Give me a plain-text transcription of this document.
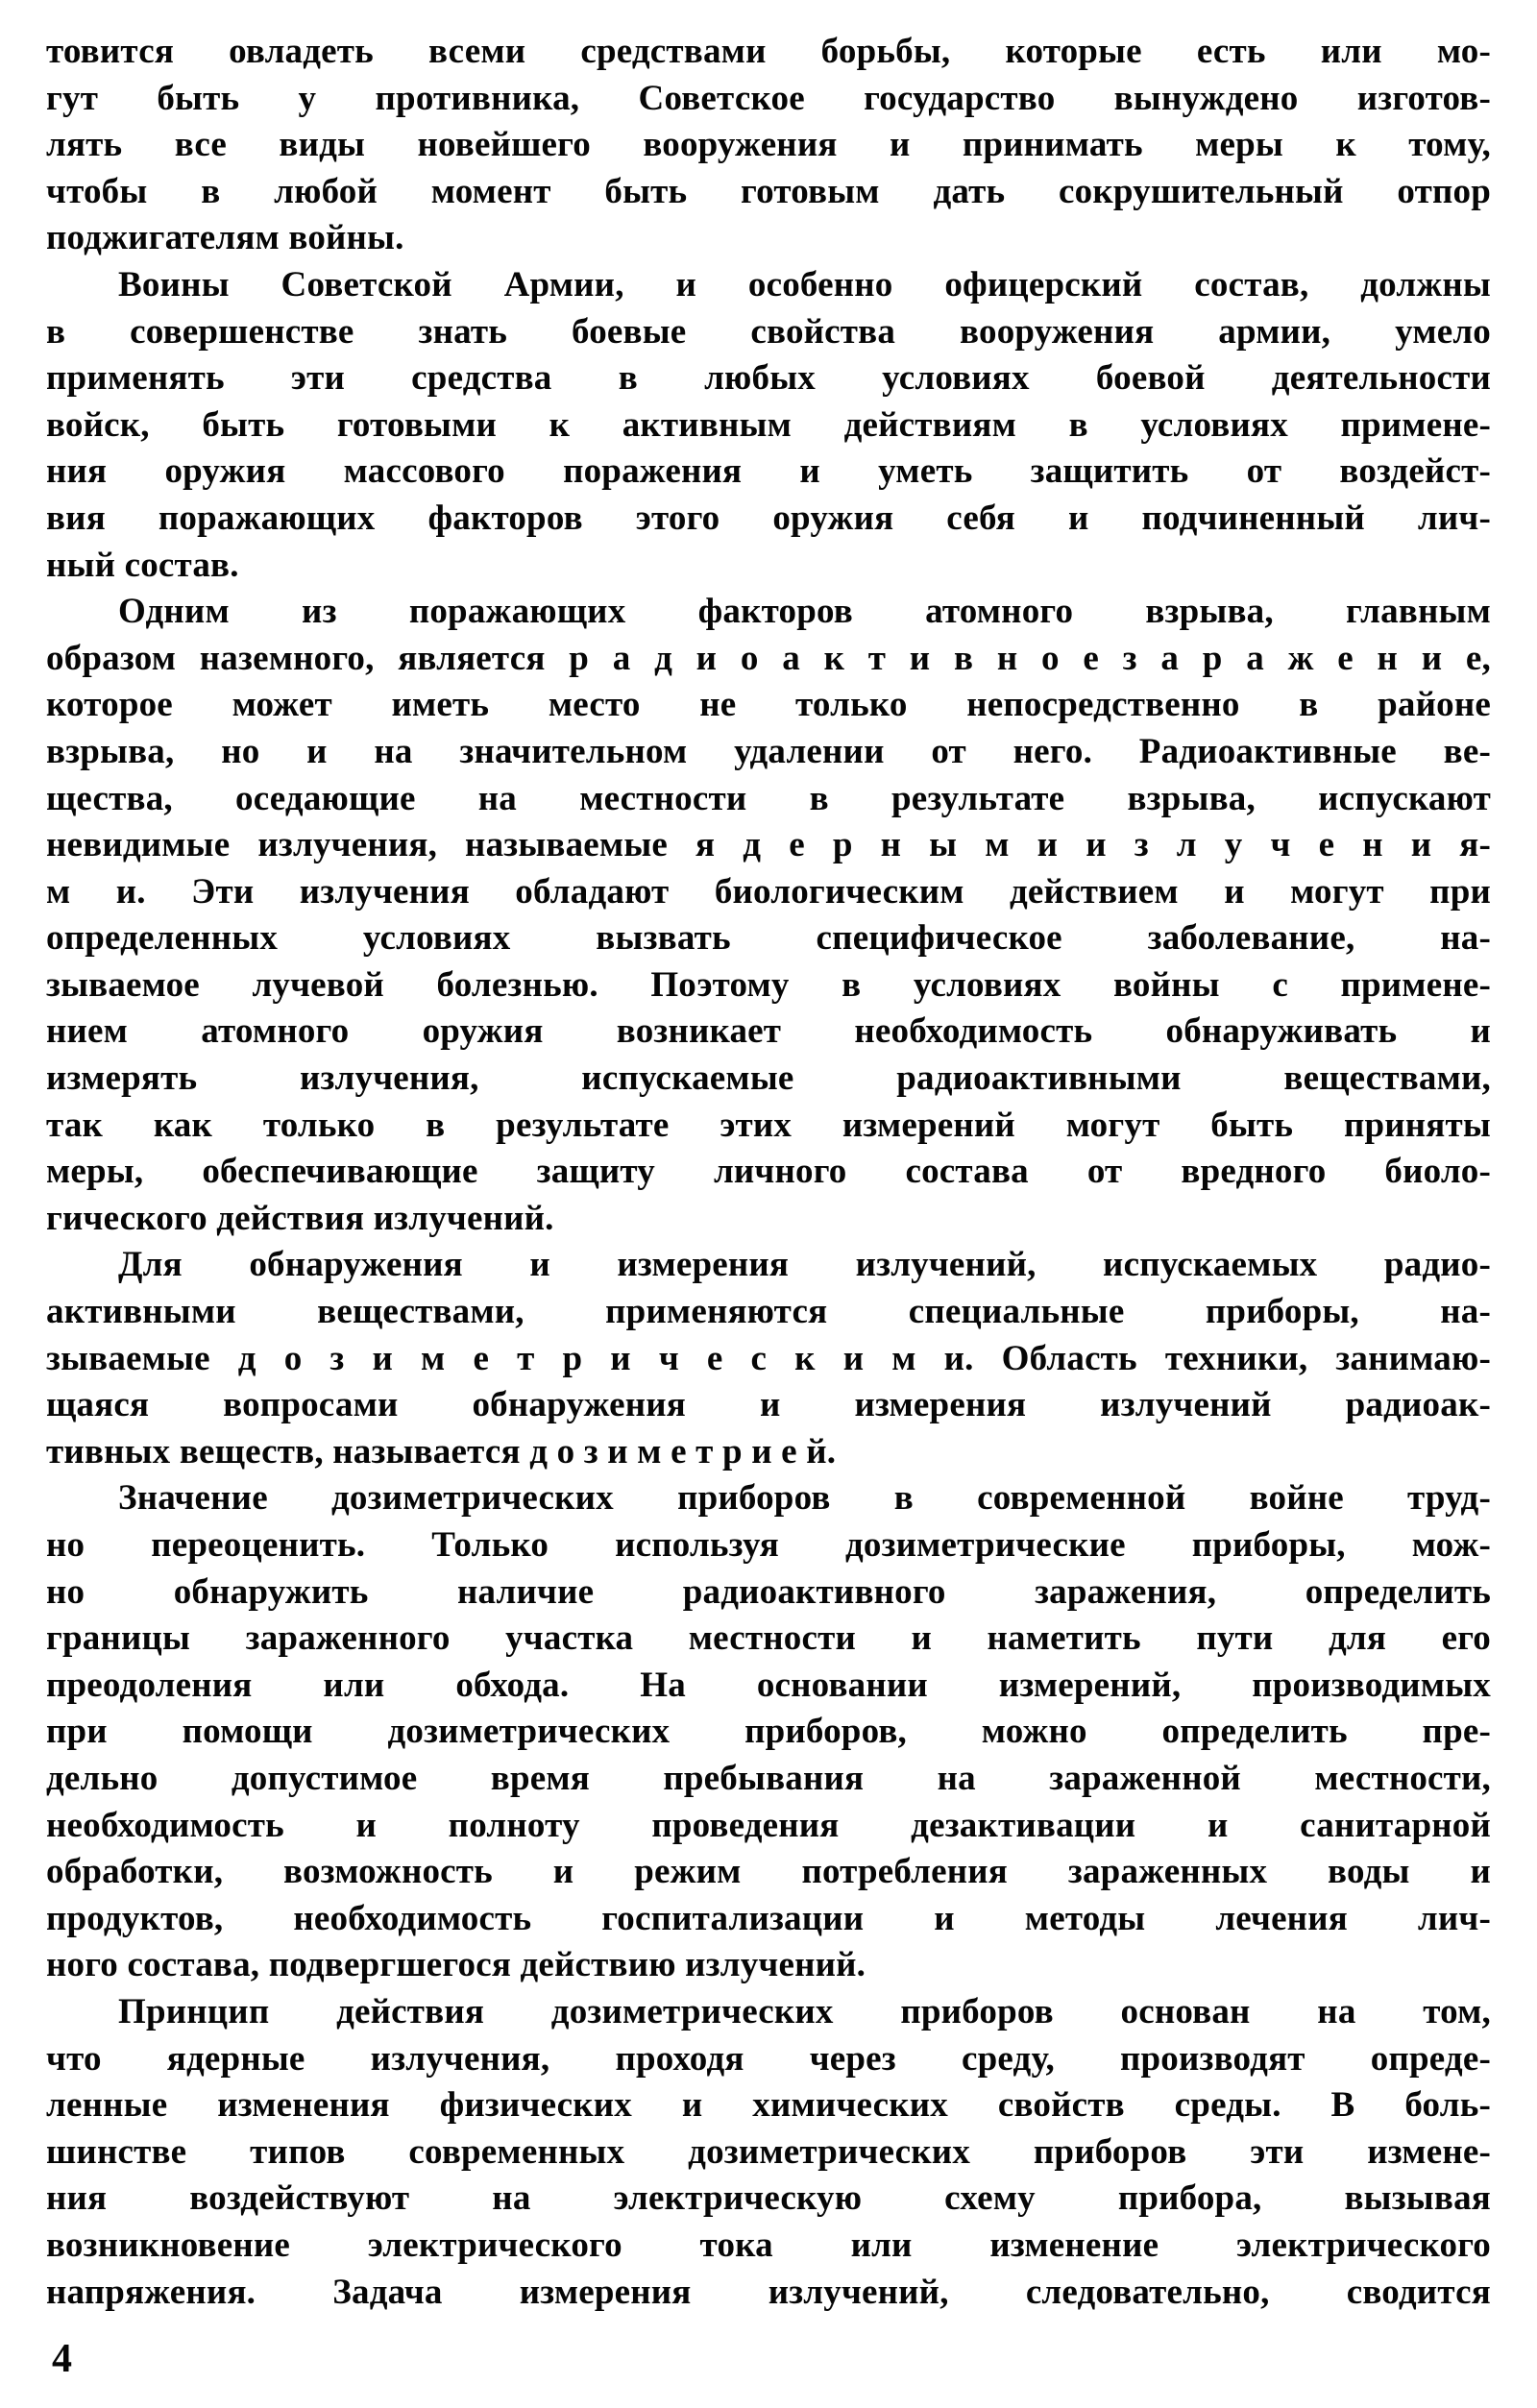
товится овладеть всеми средствами борьбы, которые есть или мо-
гут быть у противника, Советское государство вынуждено изготов-
лять все виды новейшего вооружения и принимать меры к тому,
чтобы в любой момент быть готовым дать сокрушительный отпор
поджигателям войны.
Воины Советской Армии, и особенно офицерский состав, должны
в совершенстве знать боевые свойства вооружения армии, умело
применять эти средства в любых условиях боевой деятельности
войск, быть готовыми к активным действиям в условиях примене-
ния оружия массового поражения и уметь защитить от воздейст-
вия поражающих факторов этого оружия себя и подчиненный лич-
ный состав.
Одним из поражающих факторов атомного взрыва, главным
образом наземного, является р а д и о а к т и в н о е з а р а ж е н и е,
которое может иметь место не только непосредственно в районе
взрыва, но и на значительном удалении от него. Радиоактивные ве-
щества, оседающие на местности в результате взрыва, испускают
невидимые излучения, называемые я д е р н ы м и и з л у ч е н и я-
м и. Эти излучения обладают биологическим действием и могут при
определенных условиях вызвать специфическое заболевание, на-
зываемое лучевой болезнью. Поэтому в условиях войны с примене-
нием атомного оружия возникает необходимость обнаруживать и
измерять излучения, испускаемые радиоактивными веществами,
так как только в результате этих измерений могут быть приняты
меры, обеспечивающие защиту личного состава от вредного биоло-
гического действия излучений.
Для обнаружения и измерения излучений, испускаемых радио-
активными веществами, применяются специальные приборы, на-
зываемые д о з и м е т р и ч е с к и м и. Область техники, занимаю-
щаяся вопросами обнаружения и измерения излучений радиоак-
тивных веществ, называется д о з и м е т р и е й.
Значение дозиметрических приборов в современной войне труд-
но переоценить. Только используя дозиметрические приборы, мож-
но обнаружить наличие радиоактивного заражения, определить
границы зараженного участка местности и наметить пути для его
преодоления или обхода. На основании измерений, производимых
при помощи дозиметрических приборов, можно определить пре-
дельно допустимое время пребывания на зараженной местности,
необходимость и полноту проведения дезактивации и санитарной
обработки, возможность и режим потребления зараженных воды и
продуктов, необходимость госпитализации и методы лечения лич-
ного состава, подвергшегося действию излучений.
Принцип действия дозиметрических приборов основан на том,
что ядерные излучения, проходя через среду, производят опреде-
ленные изменения физических и химических свойств среды. В боль-
шинстве типов современных дозиметрических приборов эти измене-
ния воздействуют на электрическую схему прибора, вызывая
возникновение электрического тока или изменение электрического
напряжения. Задача измерения излучений, следовательно, сводится
4
